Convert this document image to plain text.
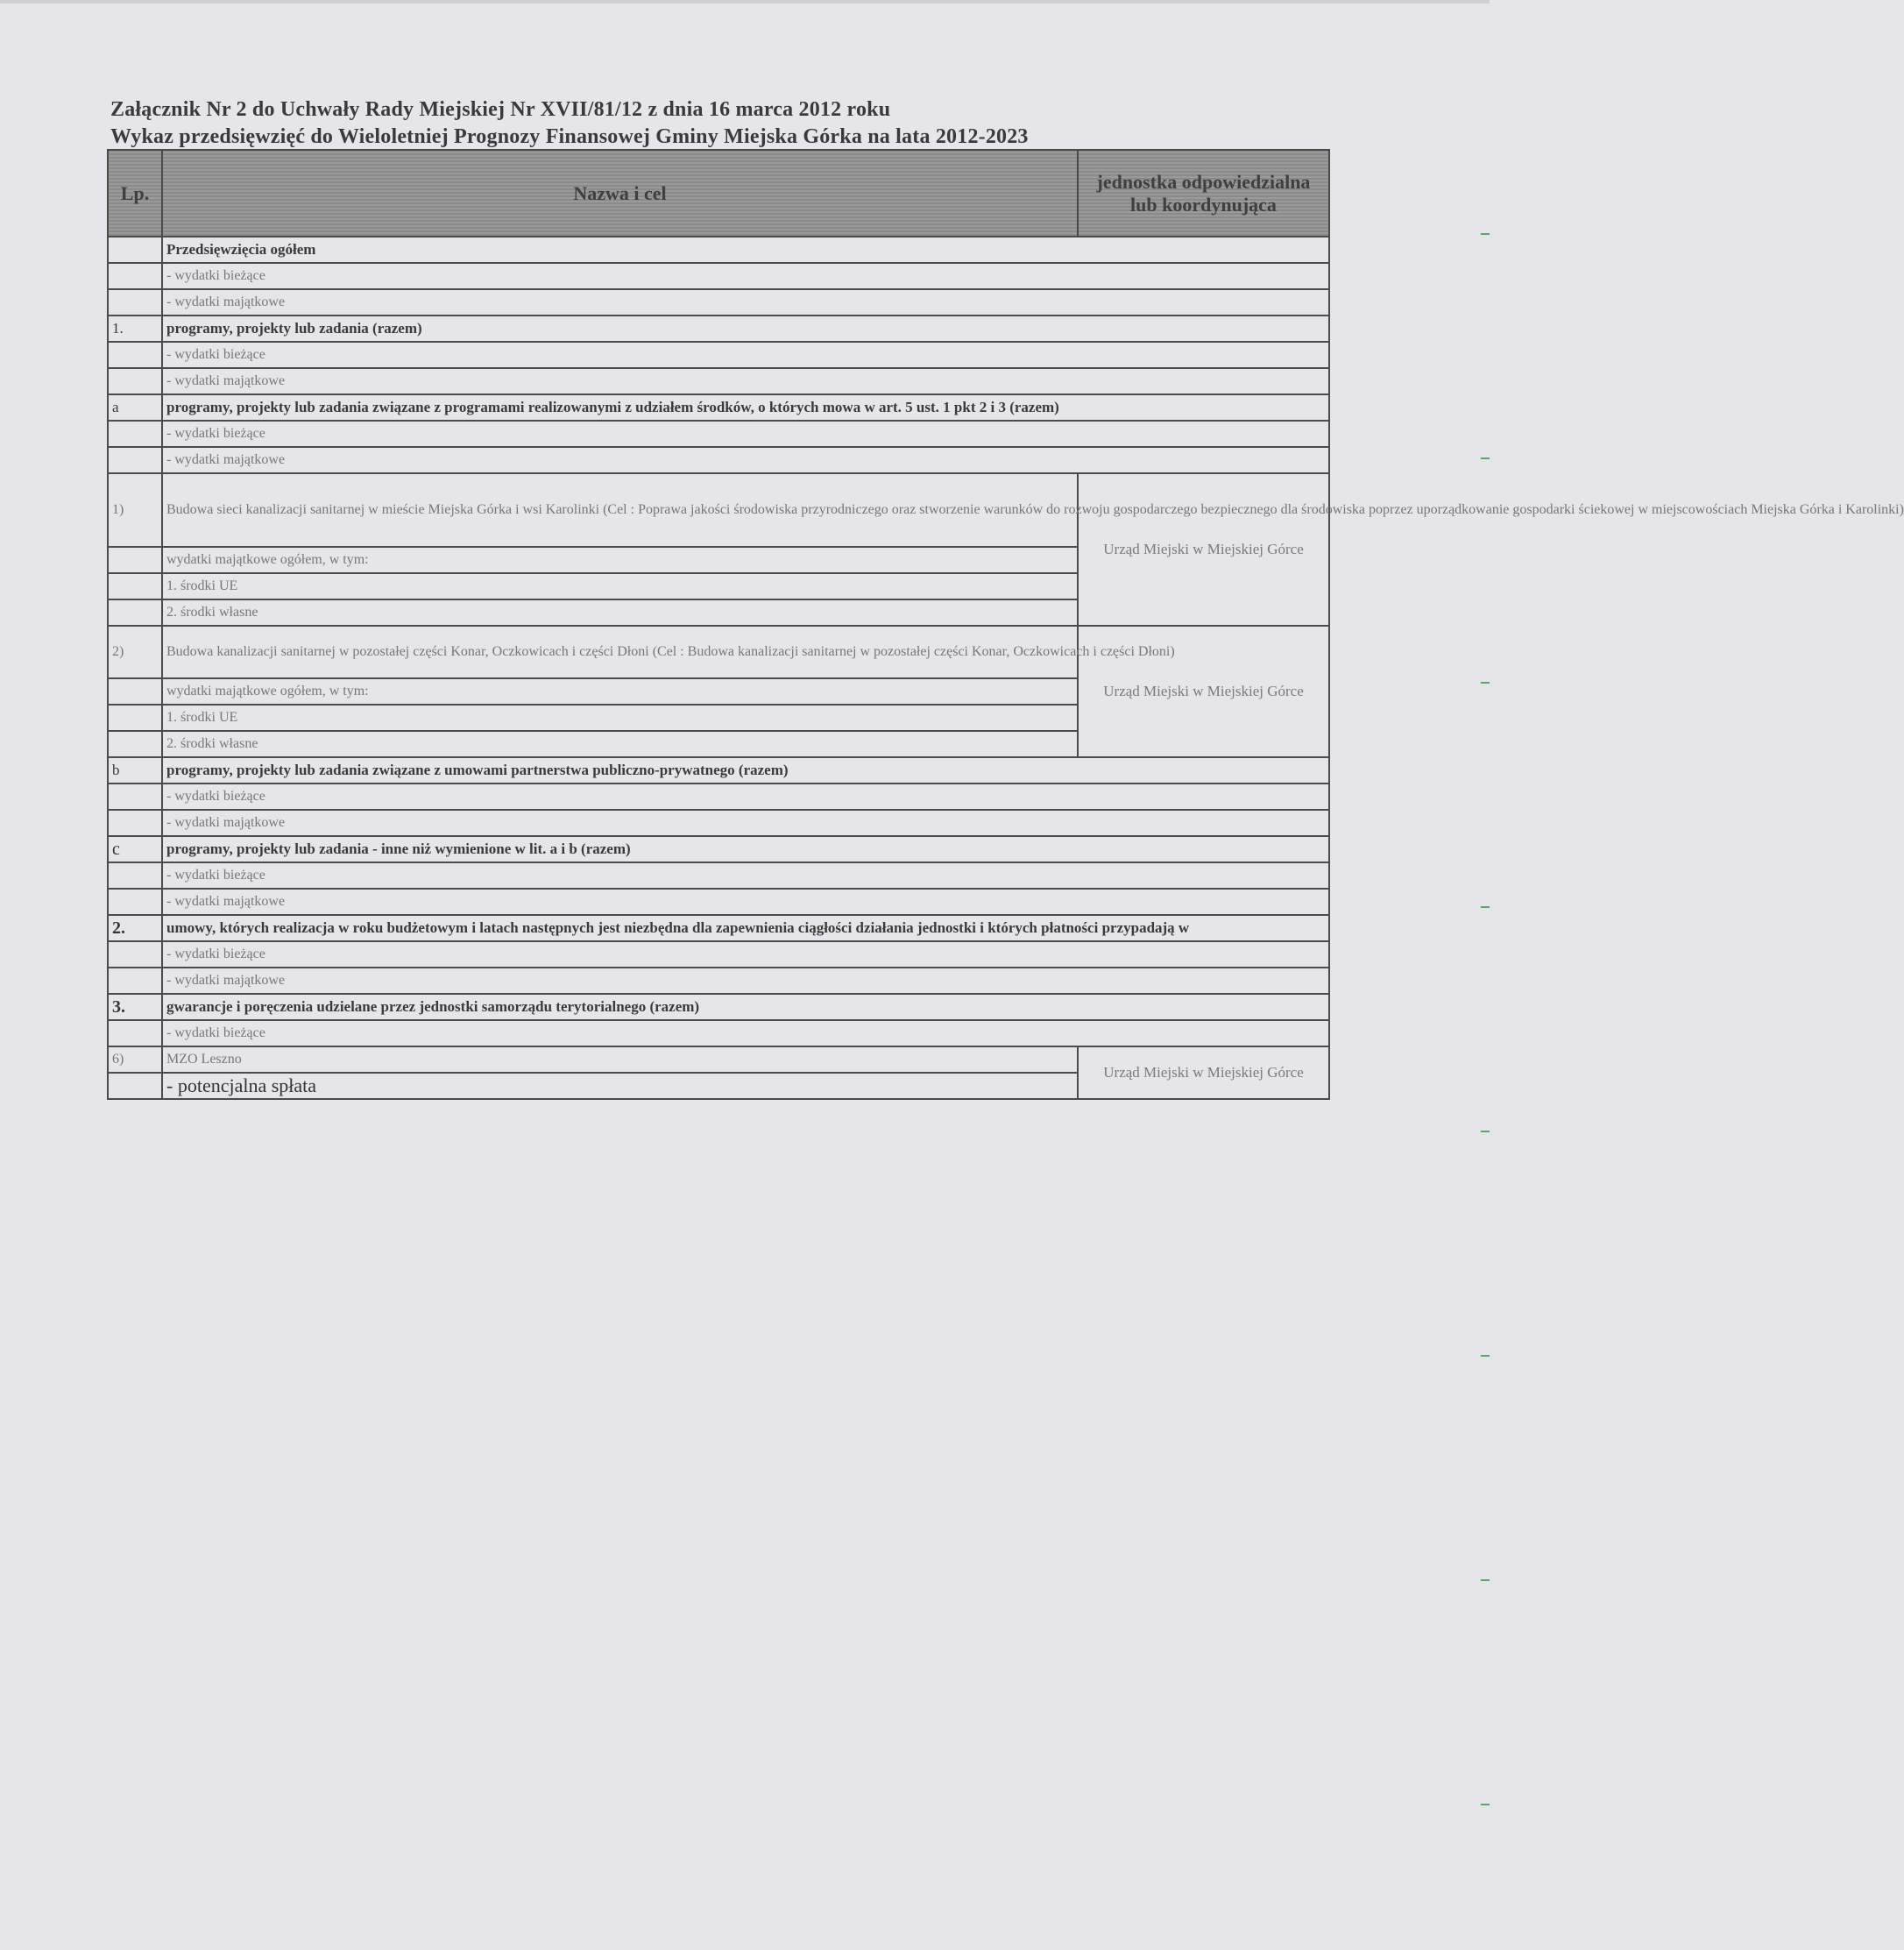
Załącznik Nr 2 do Uchwały Rady Miejskiej Nr XVII/81/12 z dnia 16 marca 2012 roku
Wykaz przedsięwzięć do Wieloletniej Prognozy Finansowej Gminy Miejska Górka na lata 2012-2023
Lp.	Nazwa i cel	jednostka odpowiedzialna lub koordynująca
	Przedsięwzięcia ogółem	
	- wydatki bieżące	
	- wydatki majątkowe	
1.	programy, projekty lub zadania (razem)	
	- wydatki bieżące	
	- wydatki majątkowe	
a	programy, projekty lub zadania związane z programami realizowanymi z udziałem środków, o których mowa w art. 5 ust. 1 pkt 2 i 3 (razem)	
	- wydatki bieżące	
	- wydatki majątkowe	
1)	Budowa sieci kanalizacji sanitarnej w mieście Miejska Górka i wsi Karolinki (Cel : Poprawa jakości środowiska przyrodniczego oraz stworzenie warunków do rozwoju gospodarczego bezpiecznego dla środowiska poprzez uporządkowanie gospodarki ściekowej w miejscowościach Miejska Górka i Karolinki)	Urząd Miejski w Miejskiej Górce
	wydatki majątkowe ogółem, w tym:	
	1. środki UE	
	2. środki własne	
2)	Budowa kanalizacji sanitarnej w pozostałej części Konar, Oczkowicach i części Dłoni (Cel : Budowa kanalizacji sanitarnej w pozostałej części Konar, Oczkowicach i części Dłoni)	Urząd Miejski w Miejskiej Górce
	wydatki majątkowe ogółem, w tym:	
	1. środki UE	
	2. środki własne	
b	programy, projekty lub zadania związane z umowami partnerstwa publiczno-prywatnego (razem)	
	- wydatki bieżące	
	- wydatki majątkowe	
c	programy, projekty lub zadania - inne niż wymienione w lit. a i b (razem)	
	- wydatki bieżące	
	- wydatki majątkowe	
2.	umowy, których realizacja w roku budżetowym i latach następnych jest niezbędna dla zapewnienia ciągłości działania jednostki i których płatności przypadają w	
	- wydatki bieżące	
	- wydatki majątkowe	
3.	gwarancje i poręczenia udzielane przez jednostki samorządu terytorialnego (razem)	
	- wydatki bieżące	
6)	MZO Leszno	Urząd Miejski w Miejskiej Górce
	- potencjalna spłata	
